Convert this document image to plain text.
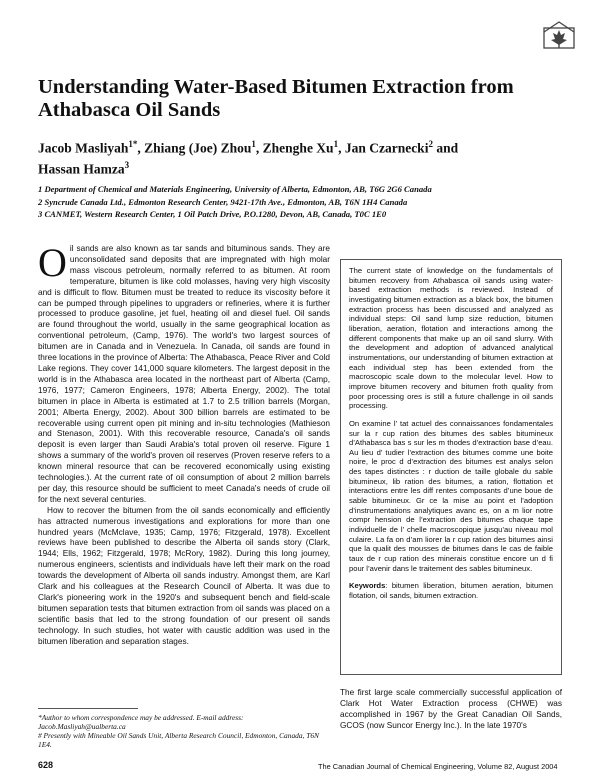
Understanding Water-Based Bitumen Extraction from Athabasca Oil Sands
Jacob Masliyah$^{1*}$, Zhiang (Joe) Zhou$^1$, Zhenghe Xu$^1$, Jan Czarnecki$^2$ and
Hassan Hamza$^3$
1 Department of Chemical and Materials Engineering, University of Alberta, Edmonton, AB, T6G 2G6 Canada
2 Syncrude Canada Ltd., Edmonton Research Center, 9421-17th Ave., Edmonton, AB, T6N 1H4 Canada
3 CANMET, Western Research Center, 1 Oil Patch Drive, P.O.1280, Devon, AB, Canada, T0C 1E0

Oil sands are also known as tar sands and bituminous sands. They are unconsolidated sand deposits that are impregnated with high molar mass viscous petroleum, normally referred to as bitumen. At room temperature, bitumen is like cold molasses, having very high viscosity and is difficult to flow. Bitumen must be treated to reduce its viscosity before it can be pumped through pipelines to upgraders or refineries, where it is further processed to produce gasoline, jet fuel, heating oil and diesel fuel. Oil sands are found throughout the world, usually in the same geographical location as conventional petroleum, (Camp, 1976). The world's two largest sources of bitumen are in Canada and in Venezuela. In Canada, oil sands are found in three locations in the province of Alberta: The Athabasca, Peace River and Cold Lake regions. They cover 141,000 square kilometers. The largest deposit in the world is in the Athabasca area located in the northeast part of Alberta (Camp, 1976, 1977; Cameron Engineers, 1978; Alberta Energy, 2002). The total bitumen in place in Alberta is estimated at 1.7 to 2.5 trillion barrels (Morgan, 2001; Alberta Energy, 2002). About 300 billion barrels are estimated to be recoverable using current open pit mining and in-situ technologies (Mathieson and Stenason, 2001). With this recoverable resource, Canada's oil sands deposit is even larger than Saudi Arabia's total proven oil reserve. Figure 1 shows a summary of the world's proven oil reserves (Proven reserve refers to a known mineral resource that can be recovered economically using existing technologies.). At the current rate of oil consumption of about 2 million barrels per day, this resource should be sufficient to meet Canada's needs of crude oil for the next several centuries.

How to recover the bitumen from the oil sands economically and efficiently has attracted numerous investigations and explorations for more than one hundred years (McMclave, 1935; Camp, 1976; Fitzgerald, 1978). Excellent reviews have been published to describe the Alberta oil sands story (Clark, 1944; Ells, 1962; Fitzgerald, 1978; McRory, 1982). During this long journey, numerous engineers, scientists and individuals have left their mark on the road towards the development of Alberta oil sands industry. Amongst them, are Karl Clark and his colleagues at the Research Council of Alberta. It was due to Clark's pioneering work in the 1920's and subsequent bench and field-scale bitumen separation tests that bitumen extraction from oil sands was placed on a scientific basis that led to the strong foundation of our present oil sands technology. In such studies, hot water with caustic addition was used in the bitumen liberation and separation stages.

*Author to whom correspondence may be addressed. E-mail address: Jacob.Masliyah@ualberta.ca
# Presently with Mineable Oil Sands Unit, Alberta Research Council, Edmonton, Canada, T6N 1E4.

The current state of knowledge on the fundamentals of bitumen recovery from Athabasca oil sands using water-based extraction methods is reviewed. Instead of investigating bitumen extraction as a black box, the bitumen extraction process has been discussed and analyzed as individual steps: Oil sand lump size reduction, bitumen liberation, aeration, flotation and interactions among the different components that make up an oil sand slurry. With the development and adoption of advanced analytical instrumentations, our understanding of bitumen extraction at each individual step has been extended from the macroscopic scale down to the molecular level. How to improve bitumen recovery and bitumen froth quality from poor processing ores is still a future challenge in oil sands processing.

On examine l’ tat actuel des connaissances fondamentales sur la r cup ration des bitumes des sables bitumineux d’Athabasca bas s sur les m thodes d’extraction base d’eau. Au lieu d’ tudier l’extraction des bitumes comme une boite noire, le proc d d’extraction des bitumes est analys selon des tapes distinctes : r duction de taille globale du sable bitumineux, lib ration des bitumes, a ration, flottation et interactions entre les diff rentes composants d’une boue de sable bitumineux. Gr ce la mise au point et l’adoption d’instrumentations analytiques avanc es, on a m lior notre compr hension de l’extraction des bitumes chaque tape individuelle de l’ chelle macroscopique jusqu’au niveau mol culaire. La fa on d’am liorer la r cup ration des bitumes ainsi que la qualit des mousses de bitumes dans le cas de faible taux de r cup ration des minerais constitue encore un d fi pour l’avenir dans le traitement des sables bitumineux.

Keywords: bitumen liberation, bitumen aeration, bitumen flotation, oil sands, bitumen extraction.

The first large scale commercially successful application of Clark Hot Water Extraction process (CHWE) was accomplished in 1967 by the Great Canadian Oil Sands, GCOS (now Suncor Energy Inc.). In the late 1970's

628	The Canadian Journal of Chemical Engineering, Volume 82, August 2004
